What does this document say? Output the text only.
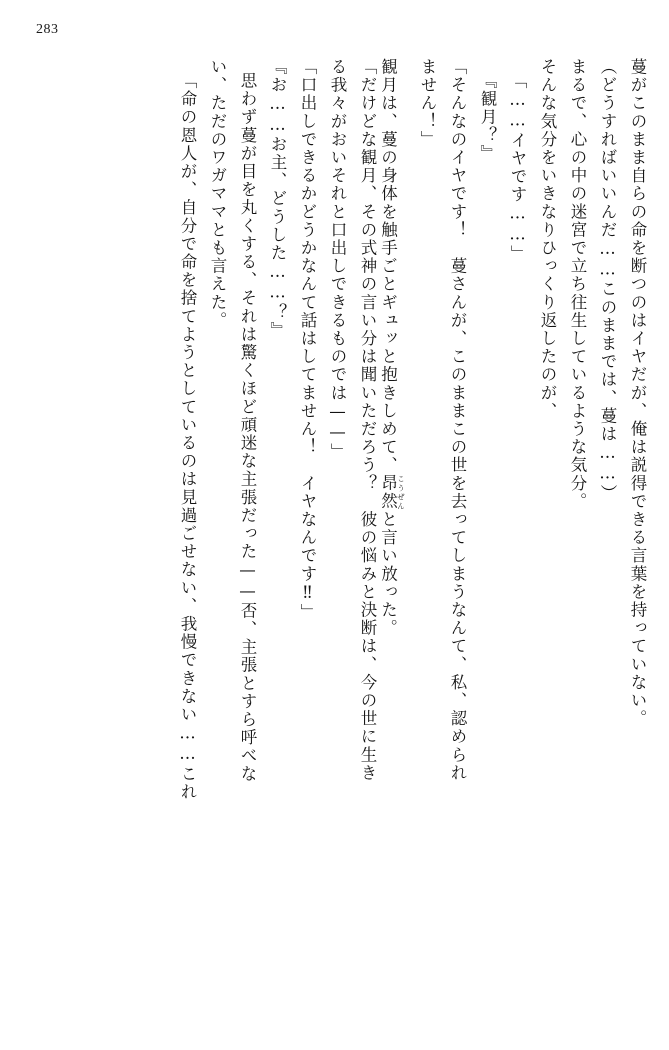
283
蔓がこのまま自らの命を断つのはイヤだが、俺は説得できる言葉を持っていない。
（どうすればいいんだ……このままでは、蔓は……）
まるで、心の中の迷宮で立ち往生しているような気分。
そんな気分をいきなりひっくり返したのが、
「……イヤです……」
『観月？』
「そんなのイヤです！　蔓さんが、このままこの世を去ってしまうなんて、私、認められ
ません！」
観月は、蔓の身体を触手ごとギュッと抱きしめて、昂然 こうぜんと言い放った。
「だけどな観月、その式神の言い分は聞いただろう？　彼の悩みと決断は、今の世に生き
る我々がおいそれと口出しできるものでは——」
「口出しできるかどうかなんて話はしてません！　イヤなんです‼」
『お……お主、どうした……？』
思わず蔓が目を丸くする、それは驚くほど頑迷な主張だった——否、主張とすら呼べな
い、ただのワガママとも言えた。
「命の恩人が、自分で命を捨てようとしているのは見過ごせない、我慢できない……これ
